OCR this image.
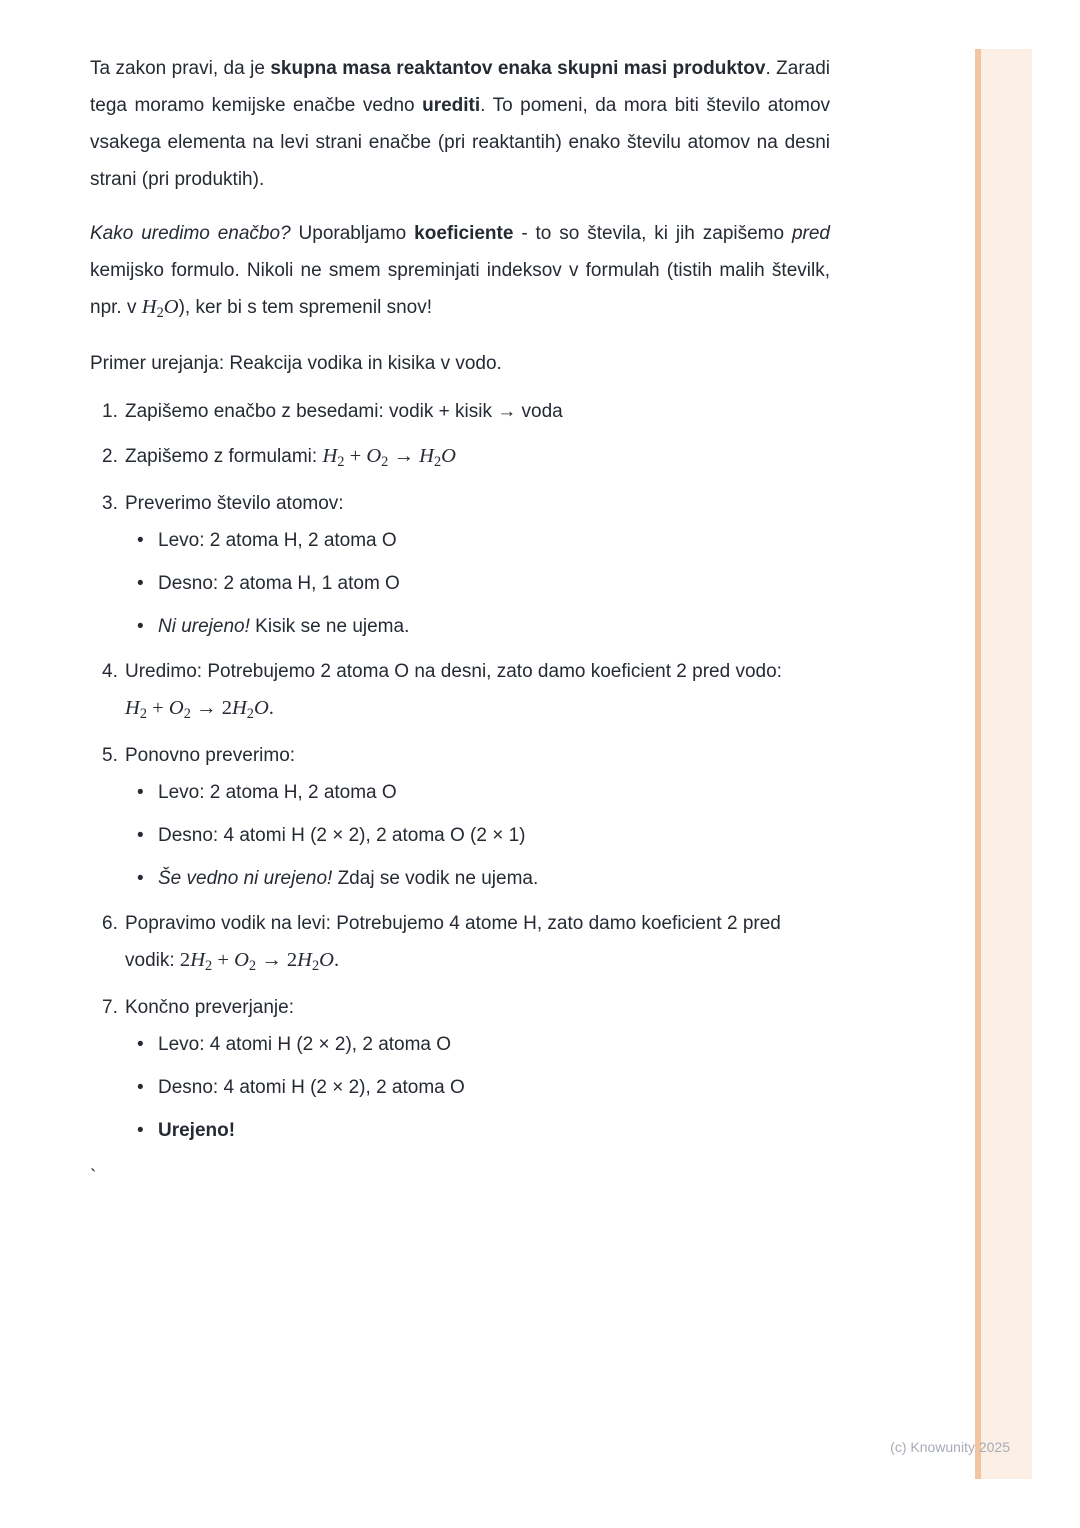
Ta zakon pravi, da je skupna masa reaktantov enaka skupni masi produktov. Zaradi tega moramo kemijske enačbe vedno urediti. To pomeni, da mora biti število atomov vsakega elementa na levi strani enačbe (pri reaktantih) enako številu atomov na desni strani (pri produktih).

Kako uredimo enačbo? Uporabljamo koeficiente - to so števila, ki jih zapišemo pred kemijsko formulo. Nikoli ne smem spreminjati indeksov v formulah (tistih malih številk, npr. v $H_2O$), ker bi s tem spremenil snov!

Primer urejanja: Reakcija vodika in kisika v vodo.

Zapišemo enačbo z besedami: vodik + kisik → voda
Zapišemo z formulami: $H_2 + O_2 \to H_2O$
Preverimo število atomov:
• Levo: 2 atoma H, 2 atoma O
• Desno: 2 atoma H, 1 atom O
• Ni urejeno! Kisik se ne ujema.
Uredimo: Potrebujemo 2 atoma O na desni, zato damo koeficient 2 pred vodo: $H_2 + O_2 \to 2H_2O$.
Ponovno preverimo:
• Levo: 2 atoma H, 2 atoma O
• Desno: 4 atomi H (2 × 2), 2 atoma O (2 × 1)
• Še vedno ni urejeno! Zdaj se vodik ne ujema.
Popravimo vodik na levi: Potrebujemo 4 atome H, zato damo koeficient 2 pred vodik: $2H_2 + O_2 \to 2H_2O$.
Končno preverjanje:
• Levo: 4 atomi H (2 × 2), 2 atoma O
• Desno: 4 atomi H (2 × 2), 2 atoma O
• Urejeno!

`

(c) Knowunity 2025
